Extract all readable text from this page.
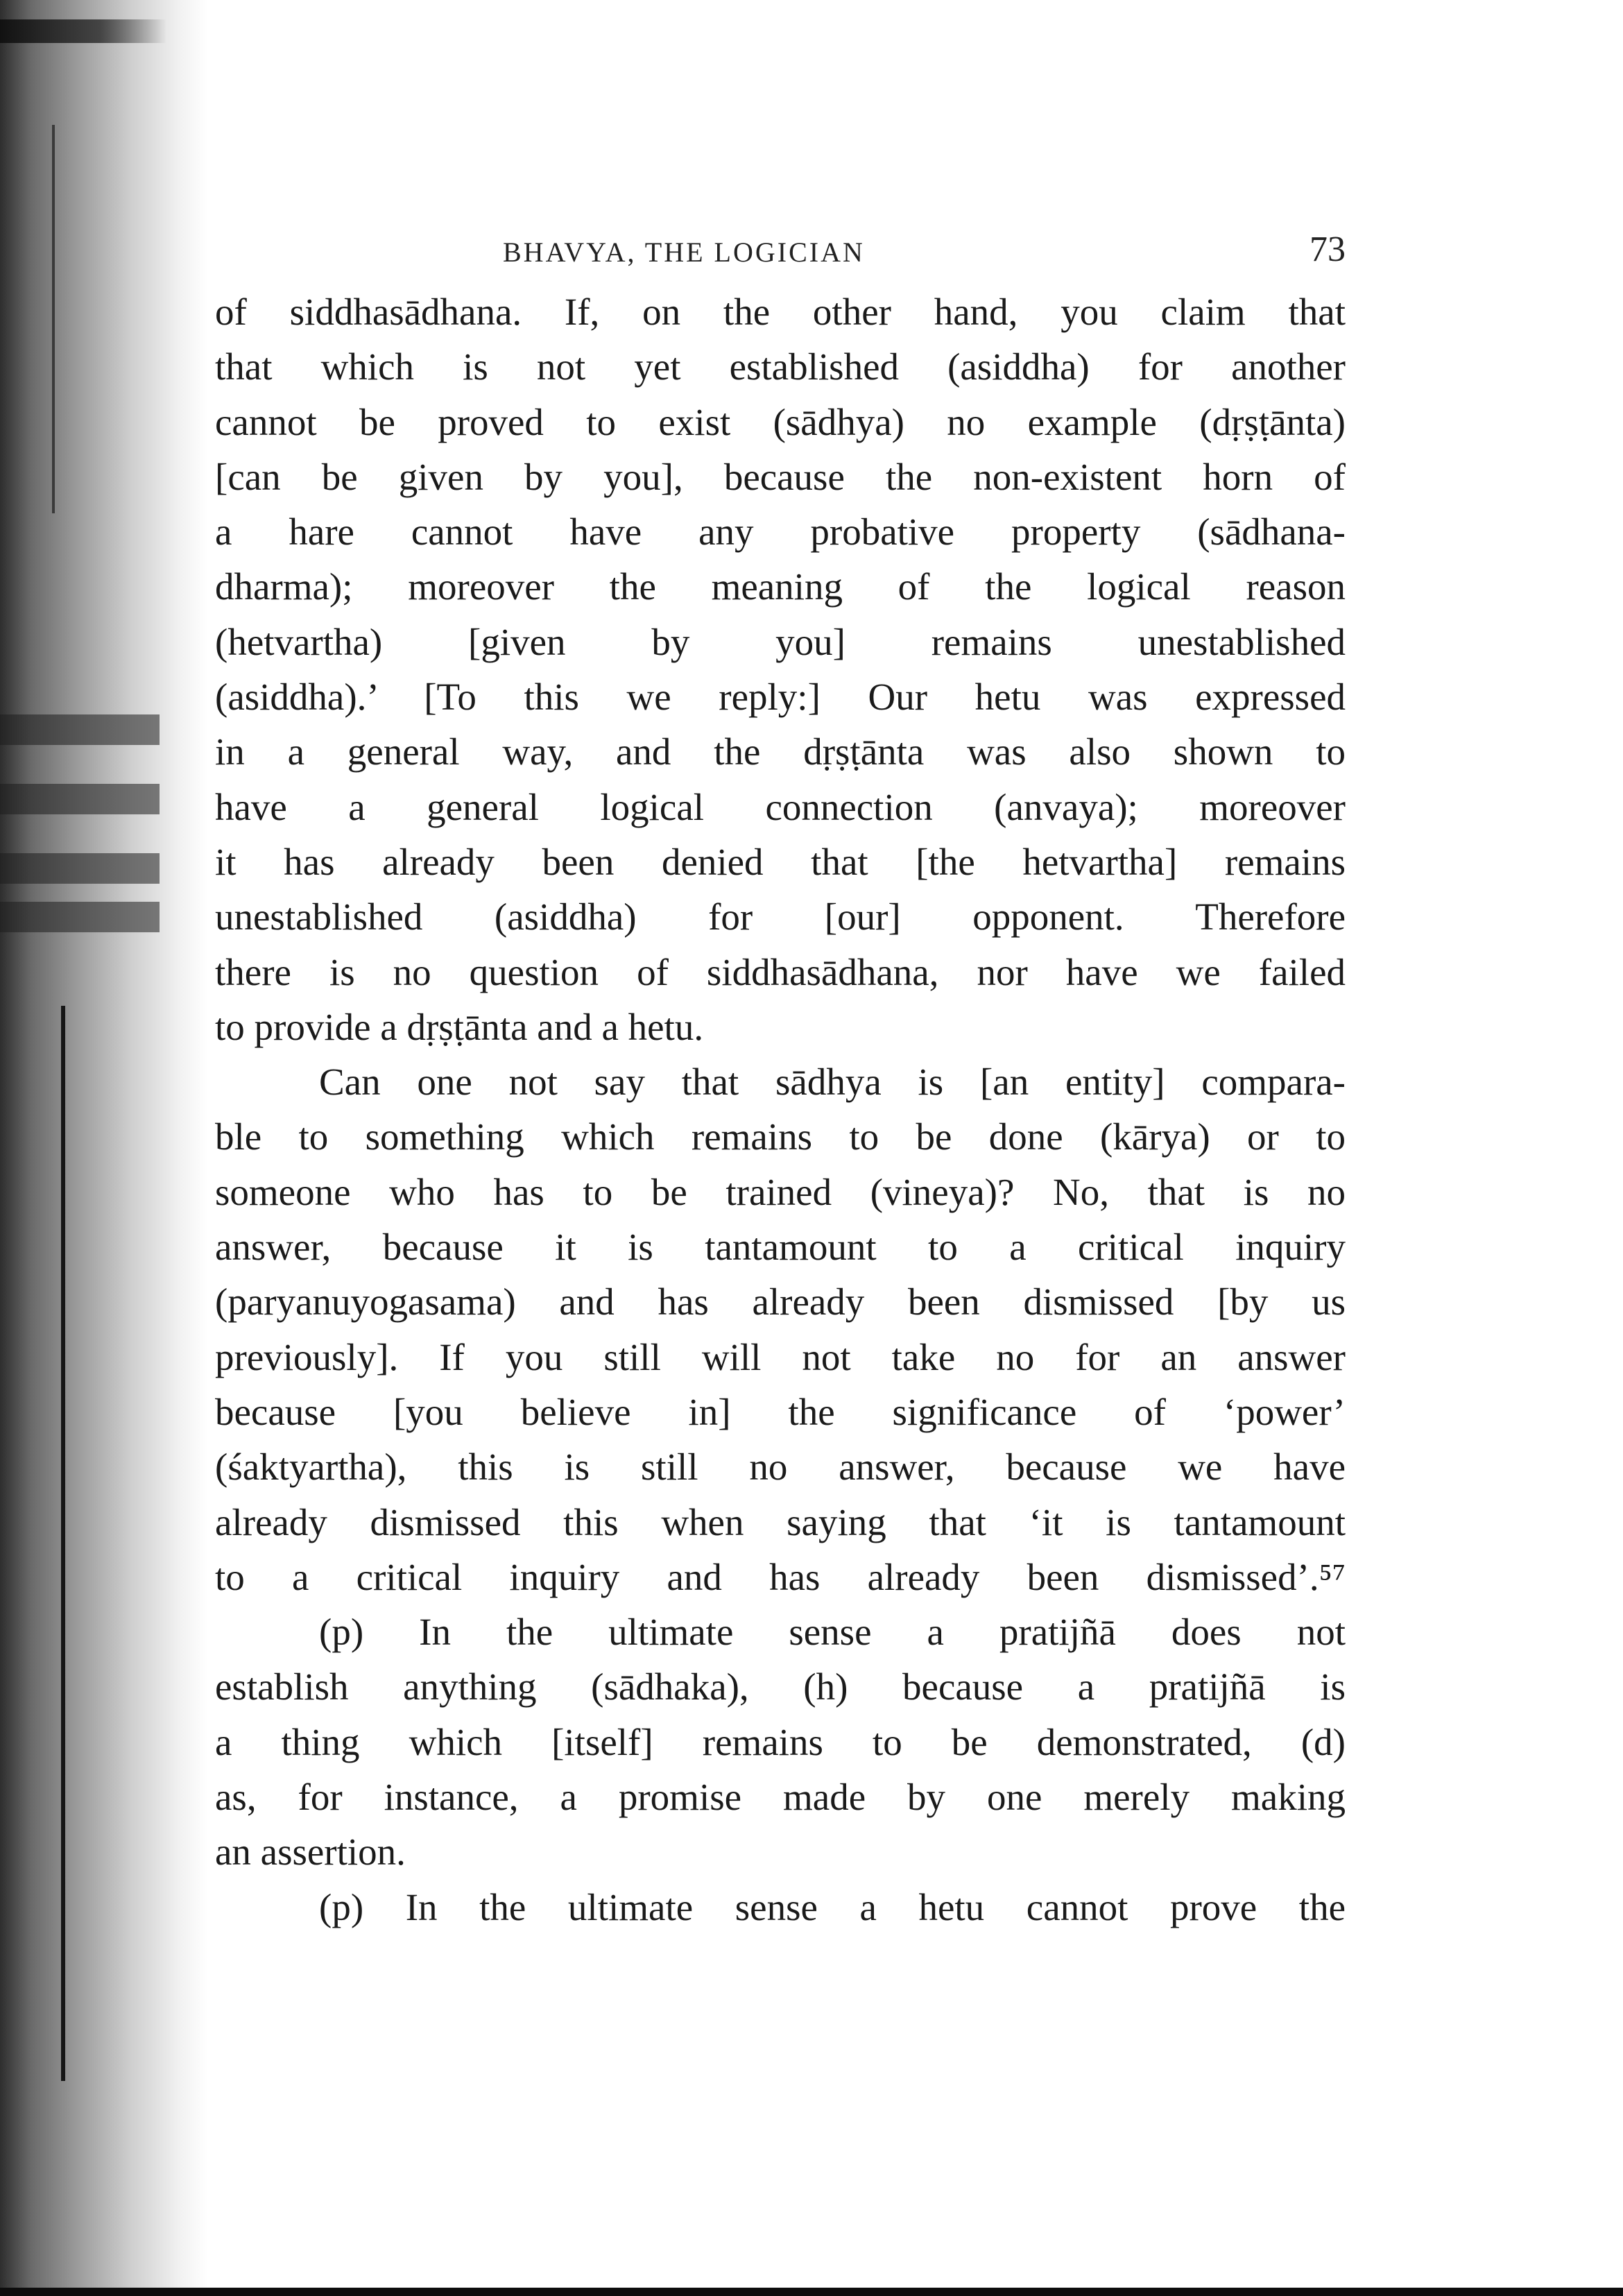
BHAVYA, THE LOGICIAN	73
of siddhasādhana. If, on the other hand, you claim that
that which is not yet established (asiddha) for another
cannot be proved to exist (sādhya) no example (dṛṣṭānta)
[can be given by you], because the non-existent horn of
a hare cannot have any probative property (sādhana-
dharma); moreover the meaning of the logical reason
(hetvartha) [given by you] remains unestablished
(asiddha).’ [To this we reply:] Our hetu was expressed
in a general way, and the dṛṣṭānta was also shown to
have a general logical connection (anvaya); moreover
it has already been denied that [the hetvartha] remains
unestablished (asiddha) for [our] opponent. Therefore
there is no question of siddhasādhana, nor have we failed
to provide a dṛṣṭānta and a hetu.
Can one not say that sādhya is [an entity] compara-
ble to something which remains to be done (kārya) or to
someone who has to be trained (vineya)? No, that is no
answer, because it is tantamount to a critical inquiry
(paryanuyogasama) and has already been dismissed [by us
previously]. If you still will not take no for an answer
because [you believe in] the significance of ‘power’
(śaktyartha), this is still no answer, because we have
already dismissed this when saying that ‘it is tantamount
to a critical inquiry and has already been dismissed’.⁵⁷
(p) In the ultimate sense a pratijñā does not
establish anything (sādhaka), (h) because a pratijñā is
a thing which [itself] remains to be demonstrated, (d)
as, for instance, a promise made by one merely making
an assertion.
(p) In the ultimate sense a hetu cannot prove the
